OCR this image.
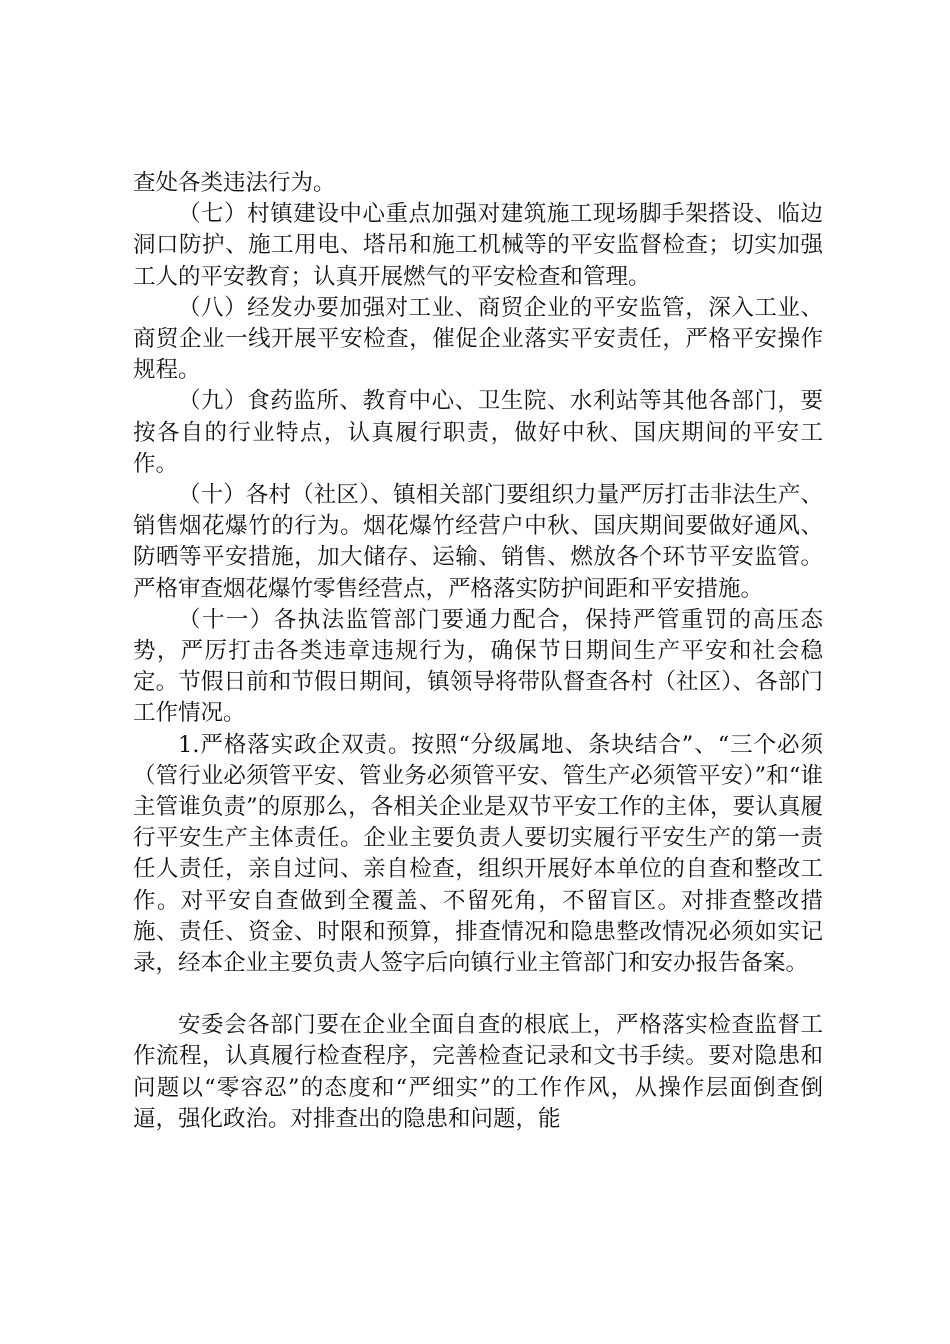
查处各类违法行为。

（七）村镇建设中心重点加强对建筑施工现场脚手架搭设、临边洞口防护、施工用电、塔吊和施工机械等的平安监督检查；切实加强工人的平安教育；认真开展燃气的平安检查和管理。

（八）经发办要加强对工业、商贸企业的平安监管，深入工业、商贸企业一线开展平安检查，催促企业落实平安责任，严格平安操作规程。

（九）食药监所、教育中心、卫生院、水利站等其他各部门，要按各自的行业特点，认真履行职责，做好中秋、国庆期间的平安工作。

（十）各村（社区）、镇相关部门要组织力量严厉打击非法生产、销售烟花爆竹的行为。烟花爆竹经营户中秋、国庆期间要做好通风、防晒等平安措施，加大储存、运输、销售、燃放各个环节平安监管。严格审查烟花爆竹零售经营点，严格落实防护间距和平安措施。

（十一）各执法监管部门要通力配合，保持严管重罚的高压态势，严厉打击各类违章违规行为，确保节日期间生产平安和社会稳定。节假日前和节假日期间，镇领导将带队督查各村（社区）、各部门工作情况。

1.严格落实政企双责。按照“分级属地、条块结合”、“三个必须（管行业必须管平安、管业务必须管平安、管生产必须管平安）”和“谁主管谁负责”的原那么，各相关企业是双节平安工作的主体，要认真履行平安生产主体责任。企业主要负责人要切实履行平安生产的第一责任人责任，亲自过问、亲自检查，组织开展好本单位的自查和整改工作。对平安自查做到全覆盖、不留死角，不留盲区。对排查整改措施、责任、资金、时限和预算，排查情况和隐患整改情况必须如实记录，经本企业主要负责人签字后向镇行业主管部门和安办报告备案。

安委会各部门要在企业全面自查的根底上，严格落实检查监督工作流程，认真履行检查程序，完善检查记录和文书手续。要对隐患和问题以“零容忍”的态度和“严细实”的工作作风，从操作层面倒查倒逼，强化政治。对排查出的隐患和问题，能
